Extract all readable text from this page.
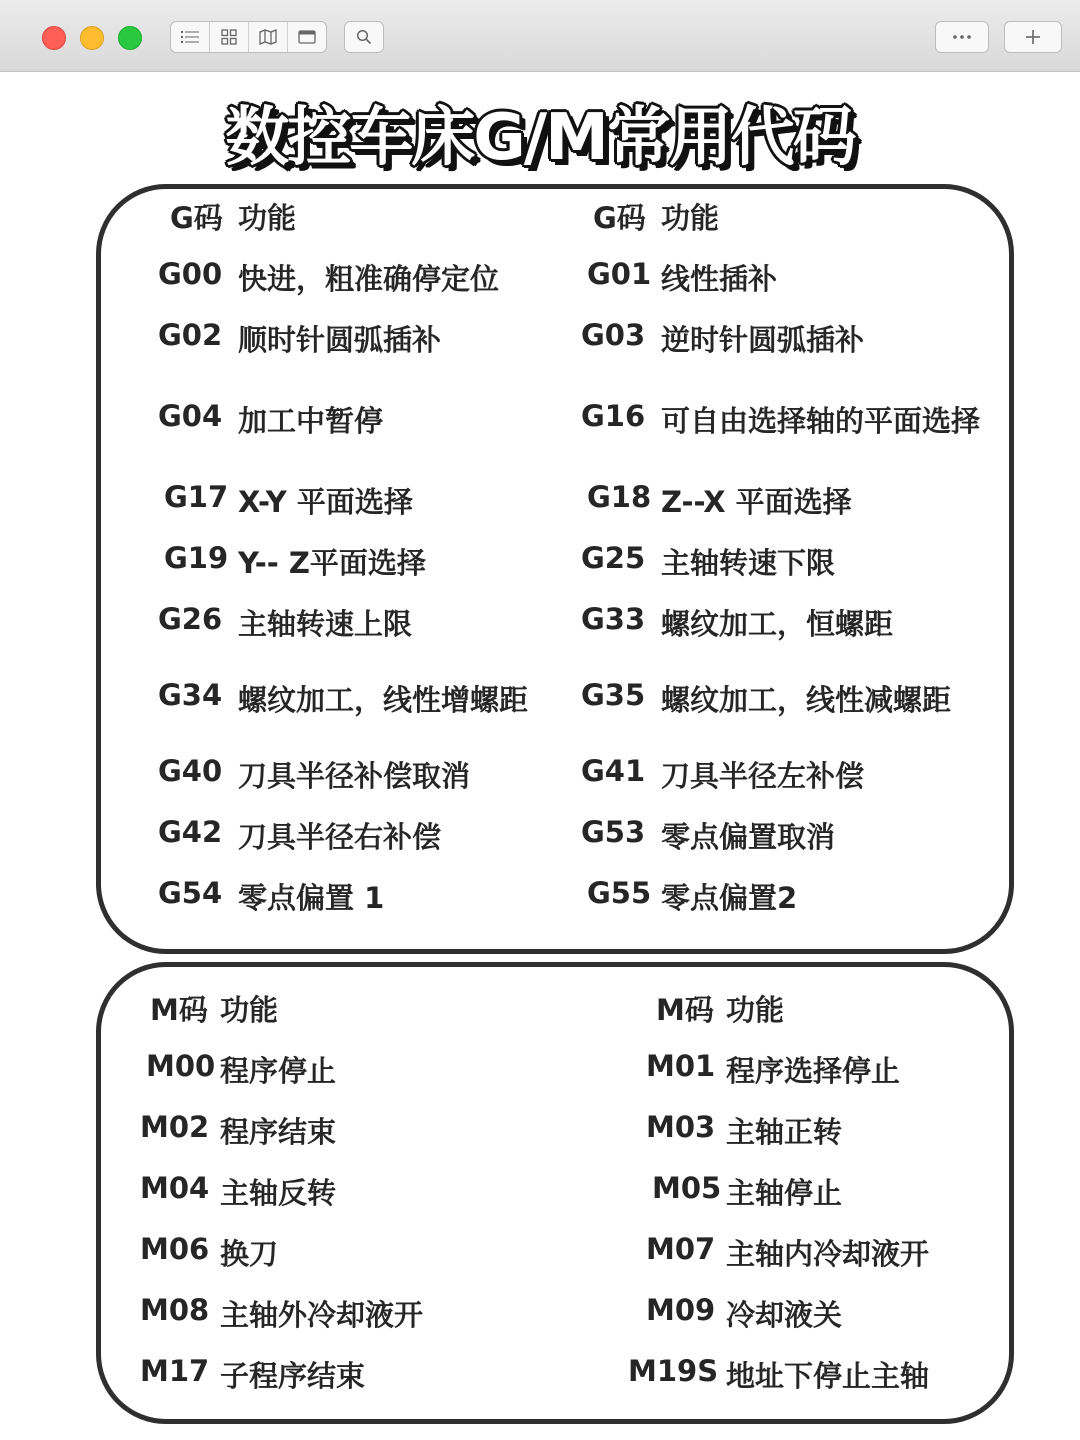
数控车床G/M常用代码
G码 功能	G码 功能
G00 快进，粗准确停定位
G02 顺时针圆弧插补
G04 加工中暂停
G17 X-Y 平面选择
G19 Y-- Z平面选择
G26 主轴转速上限
G34 螺纹加工，线性增螺距
G40 刀具半径补偿取消
G42 刀具半径右补偿
G54 零点偏置 1
G01 线性插补
G03 逆时针圆弧插补
G16 可自由选择轴的平面选择
G18 Z--X 平面选择
G25 主轴转速下限
G33 螺纹加工，恒螺距
G35 螺纹加工，线性减螺距
G41 刀具半径左补偿
G53 零点偏置取消
G55 零点偏置2
M码 功能	M码 功能
M00 程序停止
M02 程序结束
M04 主轴反转
M06 换刀
M08 主轴外冷却液开
M17 子程序结束
M01 程序选择停止
M03 主轴正转
M05 主轴停止
M07 主轴内冷却液开
M09 冷却液关
M19S 地址下停止主轴
